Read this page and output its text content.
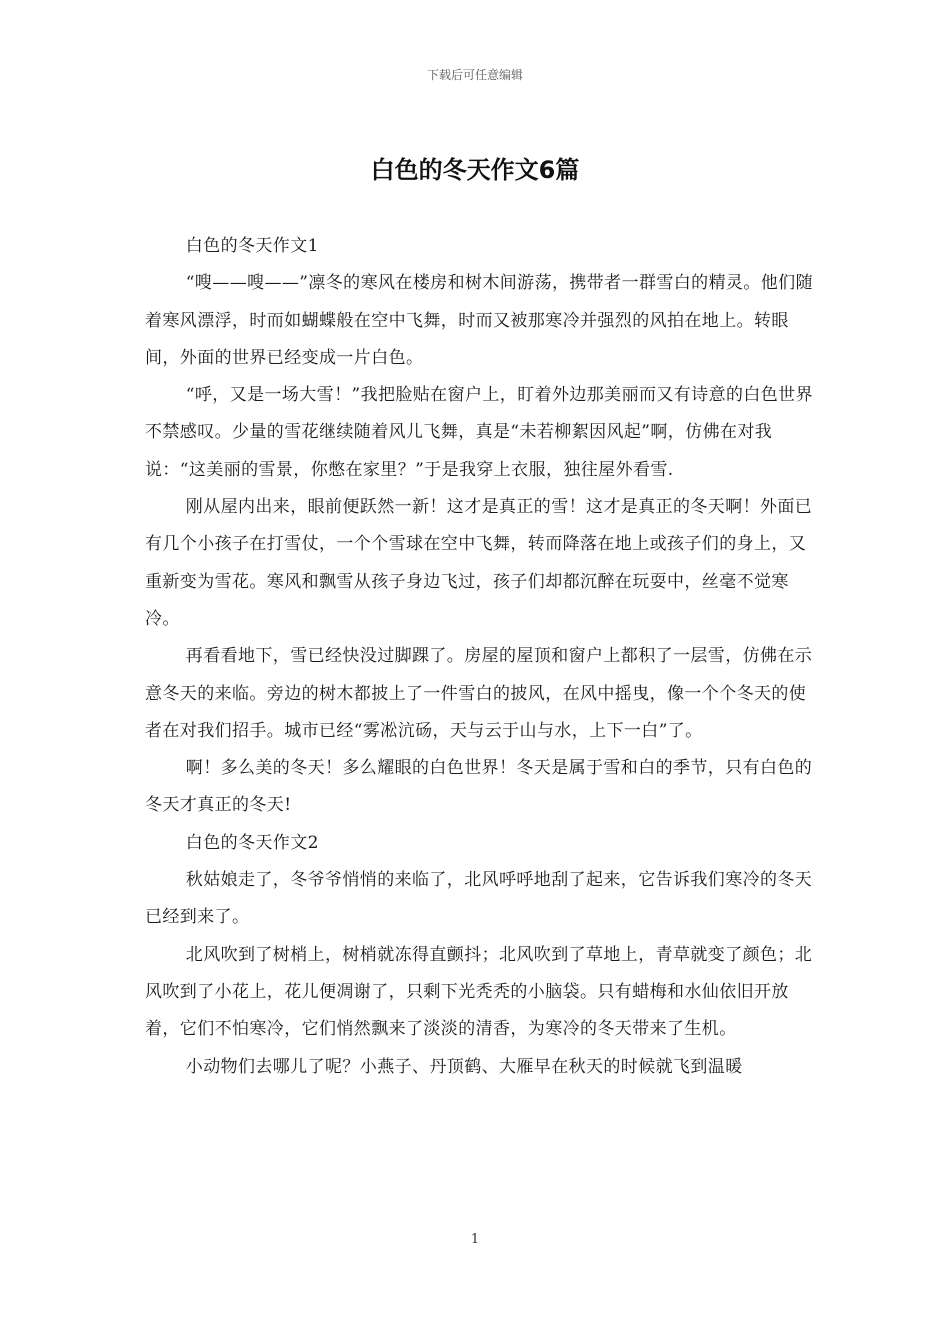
下载后可任意编辑
白色的冬天作文6篇

白色的冬天作文1

“嗖——嗖——”凛冬的寒风在楼房和树木间游荡，携带者一群雪白的精灵。他们随着寒风漂浮，时而如蝴蝶般在空中飞舞，时而又被那寒冷并强烈的风拍在地上。转眼间，外面的世界已经变成一片白色。

“呼，又是一场大雪！”我把脸贴在窗户上，盯着外边那美丽而又有诗意的白色世界不禁感叹。少量的雪花继续随着风儿飞舞，真是“未若柳絮因风起”啊，仿佛在对我说：“这美丽的雪景，你憋在家里？”于是我穿上衣服，独往屋外看雪.

刚从屋内出来，眼前便跃然一新！这才是真正的雪！这才是真正的冬天啊！外面已有几个小孩子在打雪仗，一个个雪球在空中飞舞，转而降落在地上或孩子们的身上，又重新变为雪花。寒风和飘雪从孩子身边飞过，孩子们却都沉醉在玩耍中，丝毫不觉寒冷。

再看看地下，雪已经快没过脚踝了。房屋的屋顶和窗户上都积了一层雪，仿佛在示意冬天的来临。旁边的树木都披上了一件雪白的披风，在风中摇曳，像一个个冬天的使者在对我们招手。城市已经“雾凇沆砀，天与云于山与水，上下一白”了。

啊！多么美的冬天！多么耀眼的白色世界！冬天是属于雪和白的季节，只有白色的冬天才真正的冬天!

白色的冬天作文2

秋姑娘走了，冬爷爷悄悄的来临了，北风呼呼地刮了起来，它告诉我们寒冷的冬天已经到来了。

北风吹到了树梢上，树梢就冻得直颤抖；北风吹到了草地上，青草就变了颜色；北风吹到了小花上，花儿便凋谢了，只剩下光秃秃的小脑袋。只有蜡梅和水仙依旧开放着，它们不怕寒冷，它们悄然飘来了淡淡的清香，为寒冷的冬天带来了生机。

小动物们去哪儿了呢？小燕子、丹顶鹤、大雁早在秋天的时候就飞到温暖

1
